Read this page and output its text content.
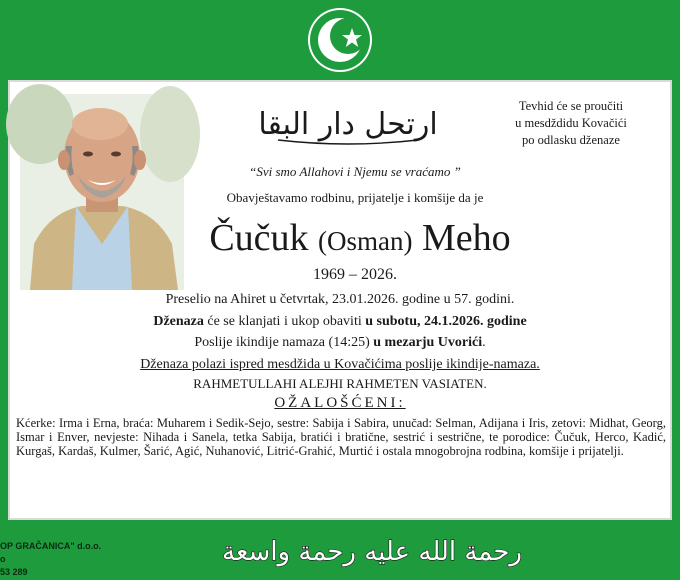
ارتحل دار البقا
Tevhid će se proučiti
u mesdždidu Kovačići
po odlasku dženaze
“Svi smo Allahovi i Njemu se vraćamo ”
Obavještavamo rodbinu, prijatelje i komšije da je
Čučuk (Osman) Meho
1969 – 2026.
Preselio na Ahiret u četvrtak, 23.01.2026. godine u 57. godini.
Dženaza će se klanjati i ukop obaviti u subotu, 24.1.2026. godine
Poslije ikindije namaza (14:25) u mezarju Uvorići.
Dženaza polazi ispred mesdžida u Kovačićima poslije ikindije-namaza.
RAHMETULLAHI ALEJHI RAHMETEN VASIATEN.
OŽALOŠĆENI:
Kćerke: Irma i Erna, braća: Muharem i Sedik-Sejo, sestre: Sabija i Sabira, unučad: Selman, Adijana i Iris, zetovi: Midhat, Georg, Ismar i Enver, nevjeste: Nihada i Sanela, tetka Sabija, bratići i bratične, sestrić i sestrične, te porodice: Čučuk, Herco, Kadić, Kurgaš, Kardaš, Kulmer, Šarić, Agić, Nuhanović, Litrić-Grahić, Murtić i ostala mnogobrojna rodbina, komšije i prijatelji.
OP GRAČANICA" d.o.o.
o
53 289
رحمة الله عليه رحمة واسعة
